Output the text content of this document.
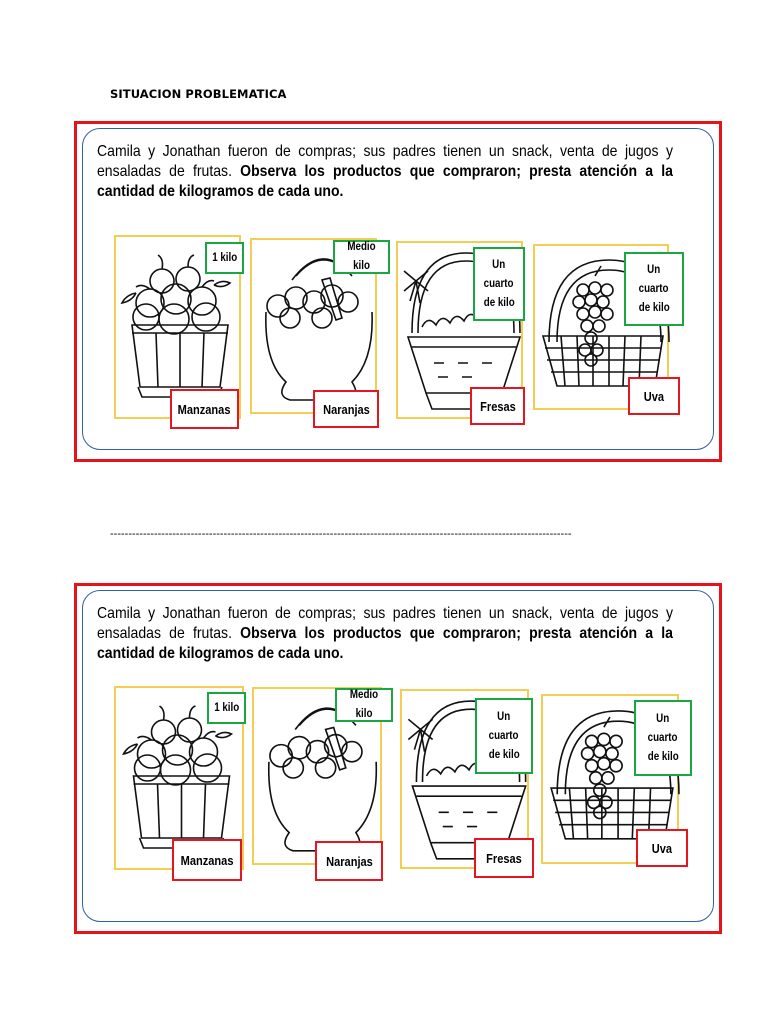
SITUACION PROBLEMATICA
Camila y Jonathan fueron de compras; sus padres tienen un snack, venta de jugos y ensaladas de frutas. Observa los productos que compraron; presta atención a la cantidad de kilogramos de cada uno.
1 kilo
Manzanas
Medio kilo
Naranjas
Un
cuarto
de kilo
Fresas
Un
cuarto
de kilo
Uva
------------------------------------------------------------------------------------------------------------------------------
Camila y Jonathan fueron de compras; sus padres tienen un snack, venta de jugos y ensaladas de frutas. Observa los productos que compraron; presta atención a la cantidad de kilogramos de cada uno.
1 kilo
Manzanas
Medio kilo
Naranjas
Un
cuarto
de kilo
Fresas
Un
cuarto
de kilo
Uva
